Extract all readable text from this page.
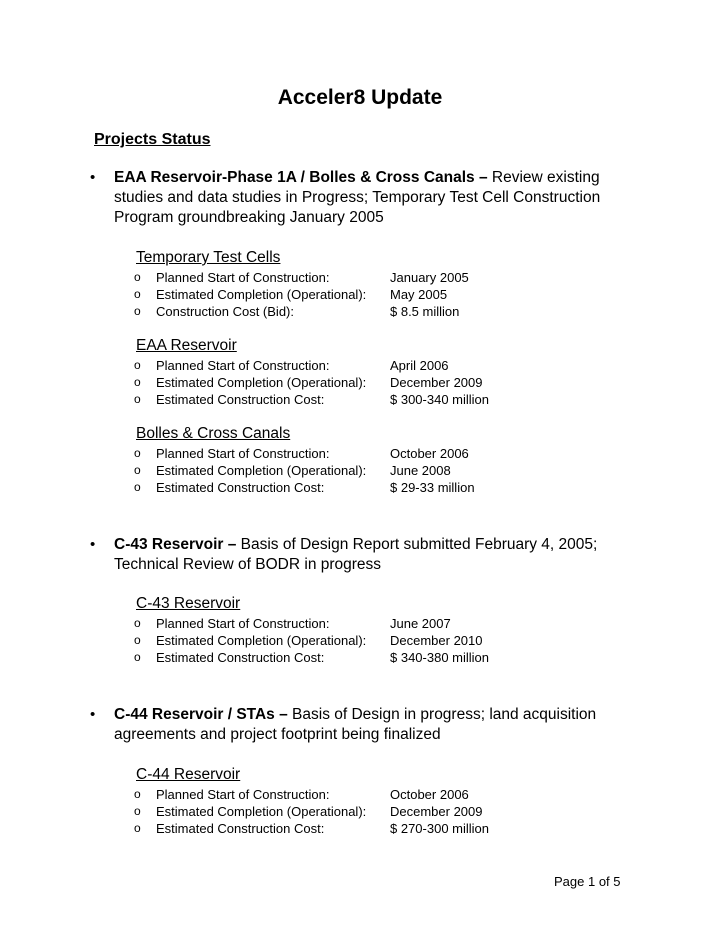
Acceler8 Update
Projects Status
• EAA Reservoir-Phase 1A / Bolles & Cross Canals – Review existing studies and data studies in Progress; Temporary Test Cell Construction Program groundbreaking January 2005
Temporary Test Cells
o Planned Start of Construction:	January 2005
o Estimated Completion (Operational): May 2005
o Construction Cost (Bid):	$ 8.5 million
EAA Reservoir
o Planned Start of Construction:	April 2006
o Estimated Completion (Operational): December 2009
o Estimated Construction Cost:	$ 300-340 million
Bolles & Cross Canals
o Planned Start of Construction:	October 2006
o Estimated Completion (Operational): June 2008
o Estimated Construction Cost:	$ 29-33 million
• C-43 Reservoir – Basis of Design Report submitted February 4, 2005; Technical Review of BODR in progress
C-43 Reservoir
o Planned Start of Construction:	June 2007
o Estimated Completion (Operational): December 2010
o Estimated Construction Cost:	$ 340-380 million
• C-44 Reservoir / STAs – Basis of Design in progress; land acquisition agreements and project footprint being finalized
C-44 Reservoir
o Planned Start of Construction:	October 2006
o Estimated Completion (Operational): December 2009
o Estimated Construction Cost:	$ 270-300 million
Page 1 of 5
